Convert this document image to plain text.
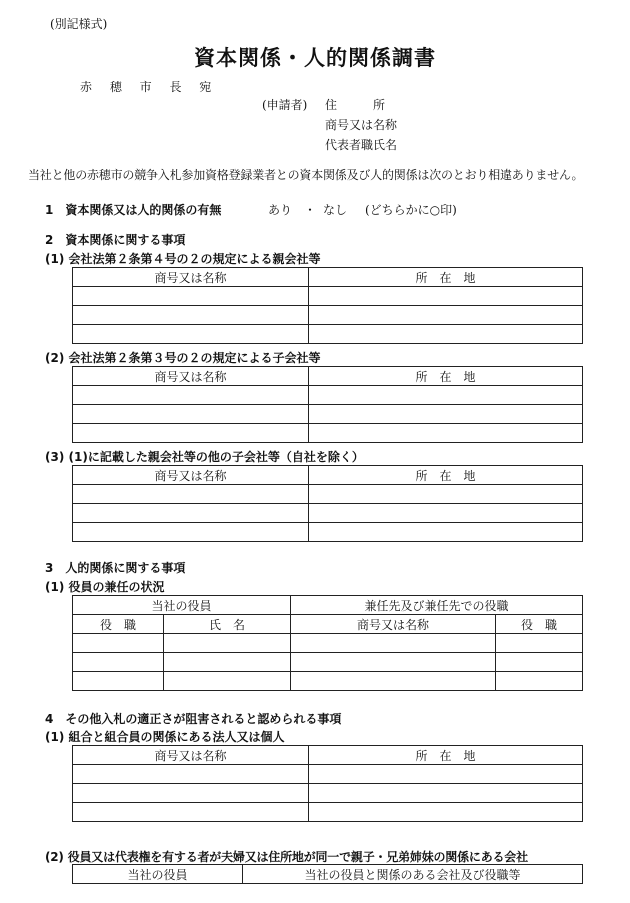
(別記様式)
資本関係・人的関係調書
赤 穂 市 長 宛
(申請者) 住　　　所
商号又は名称
代表者職氏名
当社と他の赤穂市の競争入札参加資格登録業者との資本関係及び人的関係は次のとおり相違ありません。
1　資本関係又は人的関係の有無	あり ・ なし (どちらかに○印)
2　資本関係に関する事項
(1) 会社法第２条第４号の２の規定による親会社等
商号又は名称	所　在　地

(2) 会社法第２条第３号の２の規定による子会社等
商号又は名称	所　在　地

(3) (1)に記載した親会社等の他の子会社等（自社を除く）
商号又は名称	所　在　地

3　人的関係に関する事項
(1) 役員の兼任の状況
当社の役員		兼任先及び兼任先での役職	
役　職	氏　名	商号又は名称	役　職

4　その他入札の適正さが阻害されると認められる事項
(1) 組合と組合員の関係にある法人又は個人
商号又は名称	所　在　地

(2) 役員又は代表権を有する者が夫婦又は住所地が同一で親子・兄弟姉妹の関係にある会社
当社の役員	当社の役員と関係のある会社及び役職等
